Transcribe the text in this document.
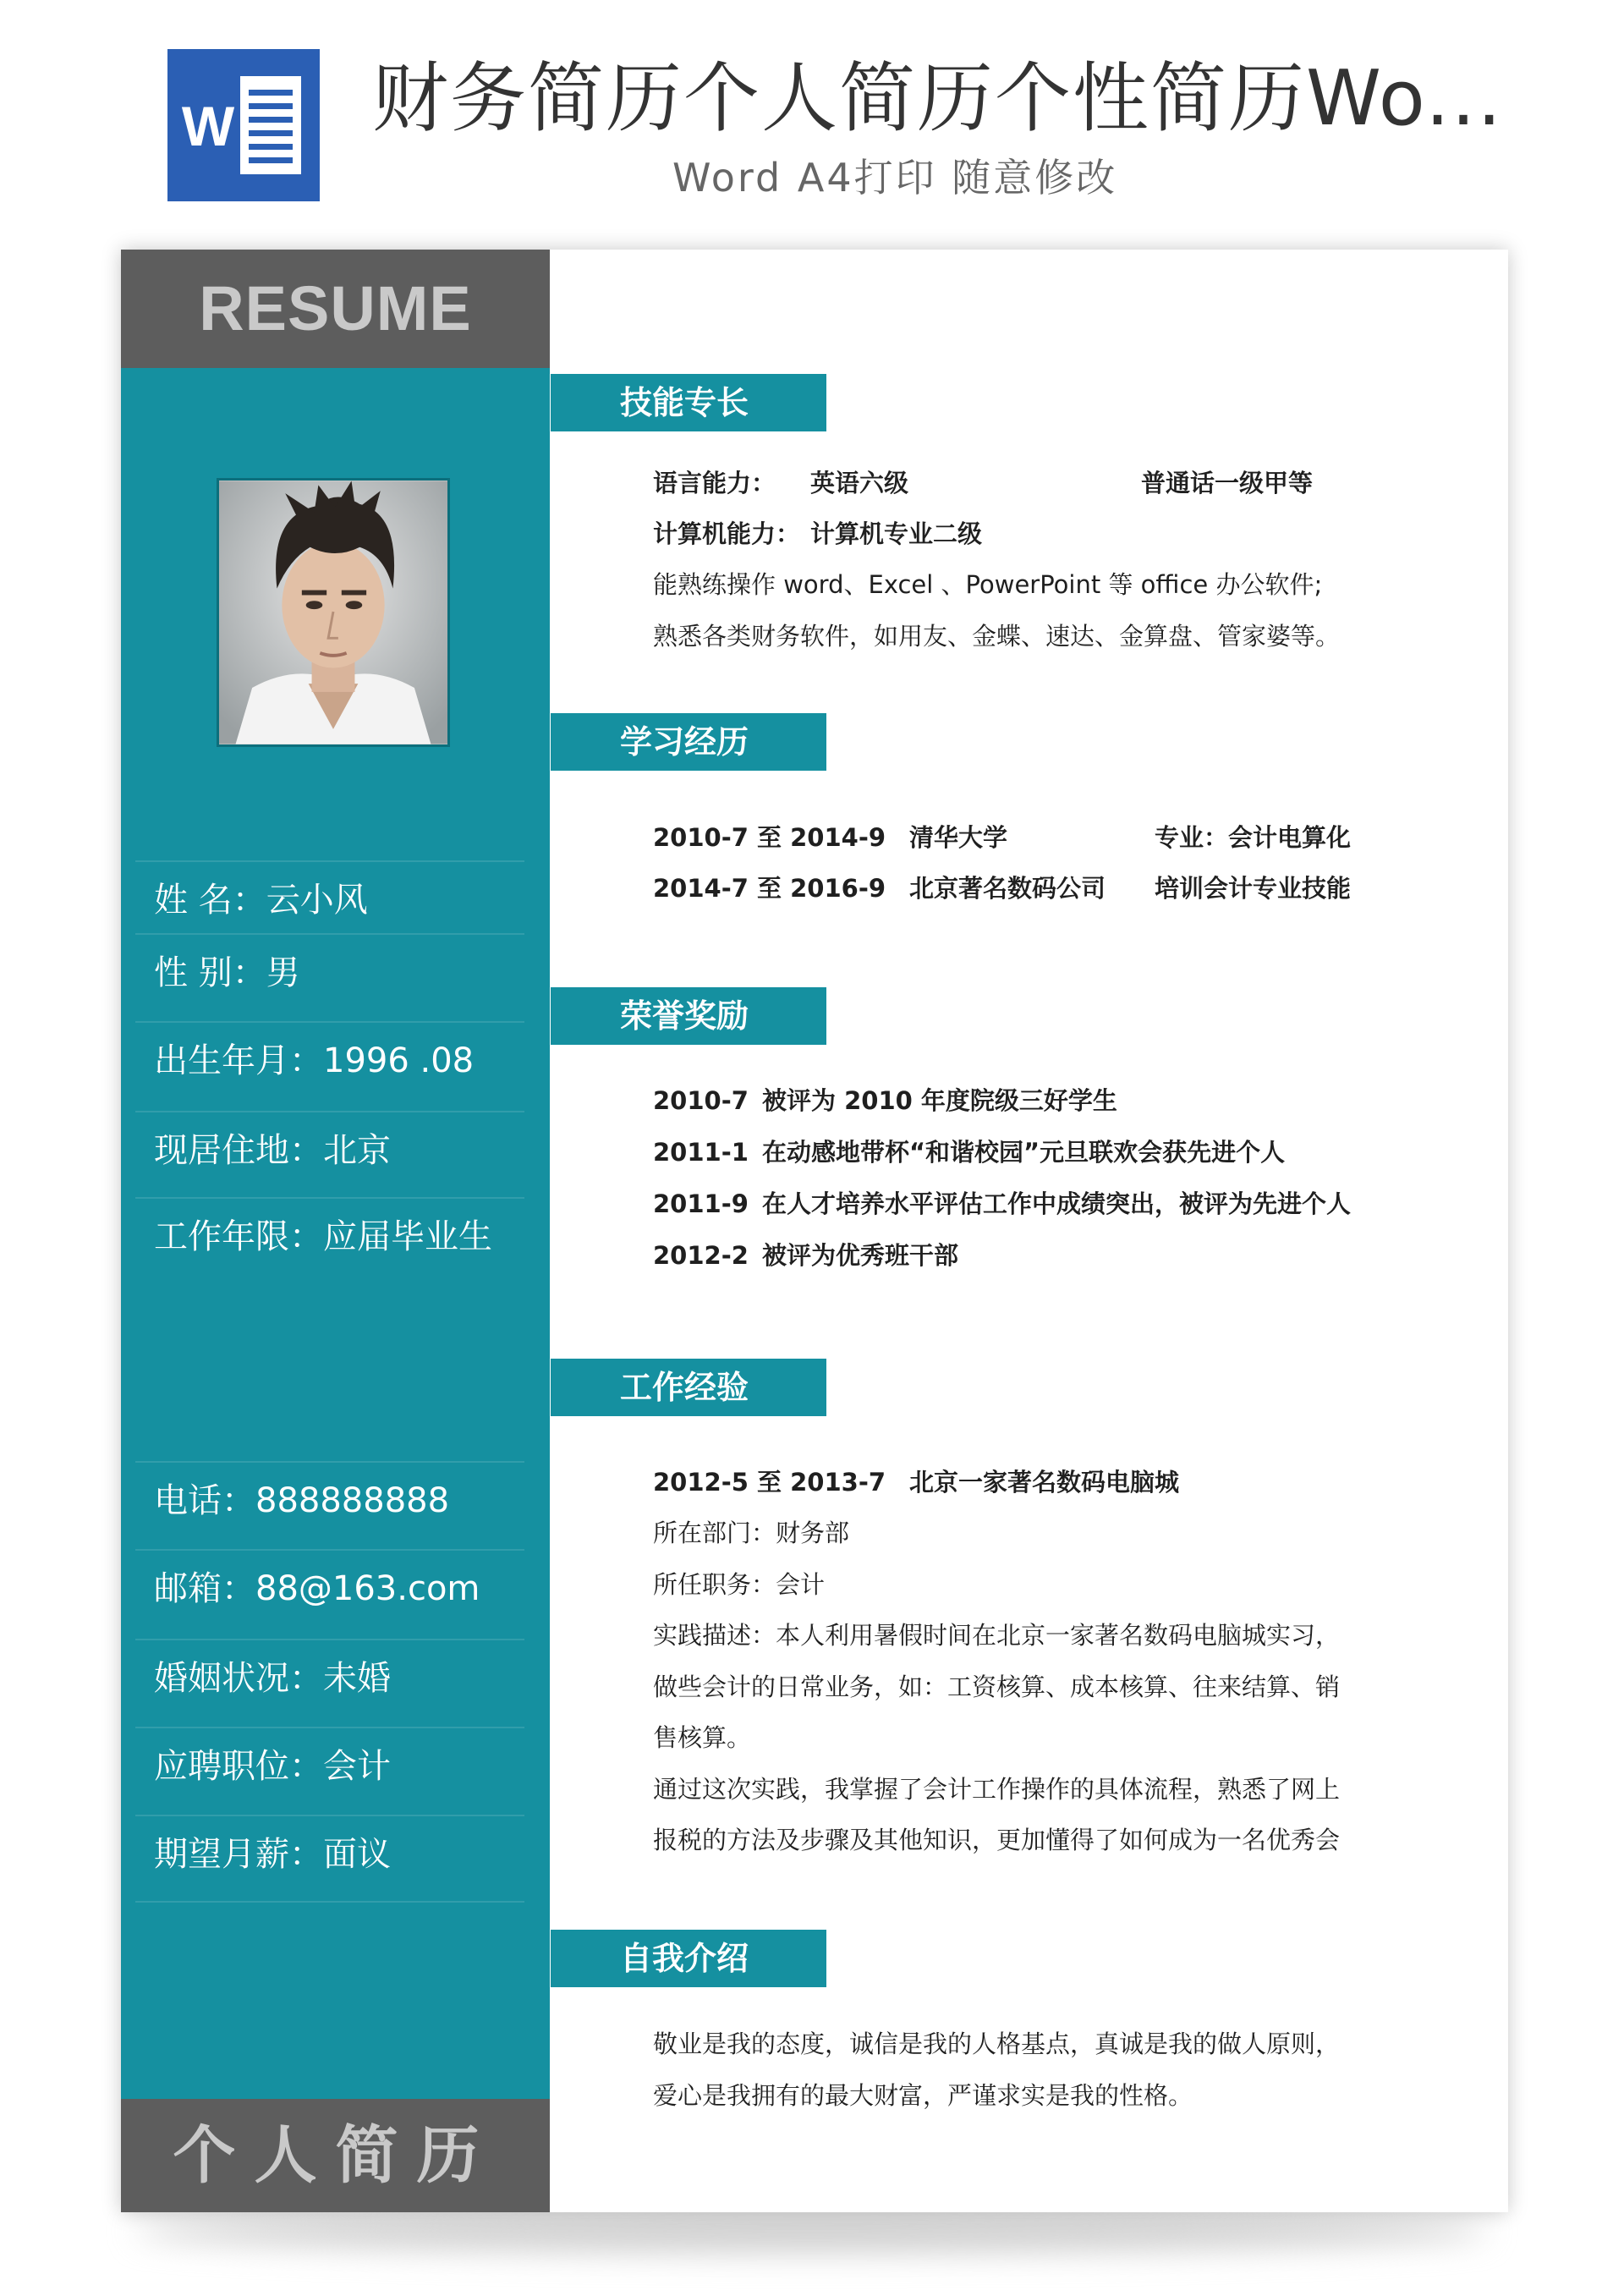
W 财务简历个人简历个性简历Wo...
Word A4打印 随意修改
RESUME
姓 名：云小风
性 别：男
出生年月：1996 .08
现居住地：北京
工作年限：应届毕业生
电话：888888888
邮箱：88@163.com
婚姻状况：未婚
应聘职位：会计
期望月薪：面议
个人简历
技能专长
语言能力： 英语六级	普通话一级甲等
计算机能力： 计算机专业二级
能熟练操作 word、Excel 、PowerPoint 等 office 办公软件;
熟悉各类财务软件，如用友、金蝶、速达、金算盘、管家婆等。
学习经历
2010-7 至 2014-9 清华大学	专业：会计电算化
2014-7 至 2016-9 北京著名数码公司 培训会计专业技能
荣誉奖励
2010-7 被评为 2010 年度院级三好学生
2011-1 在动感地带杯“和谐校园”元旦联欢会获先进个人
2011-9 在人才培养水平评估工作中成绩突出，被评为先进个人
2012-2 被评为优秀班干部
工作经验
2012-5 至 2013-7 北京一家著名数码电脑城
所在部门：财务部
所任职务：会计
实践描述：本人利用暑假时间在北京一家著名数码电脑城实习，
做些会计的日常业务，如：工资核算、成本核算、往来结算、销
售核算。
通过这次实践，我掌握了会计工作操作的具体流程，熟悉了网上
报税的方法及步骤及其他知识，更加懂得了如何成为一名优秀会
自我介绍
敬业是我的态度，诚信是我的人格基点，真诚是我的做人原则，
爱心是我拥有的最大财富，严谨求实是我的性格。
